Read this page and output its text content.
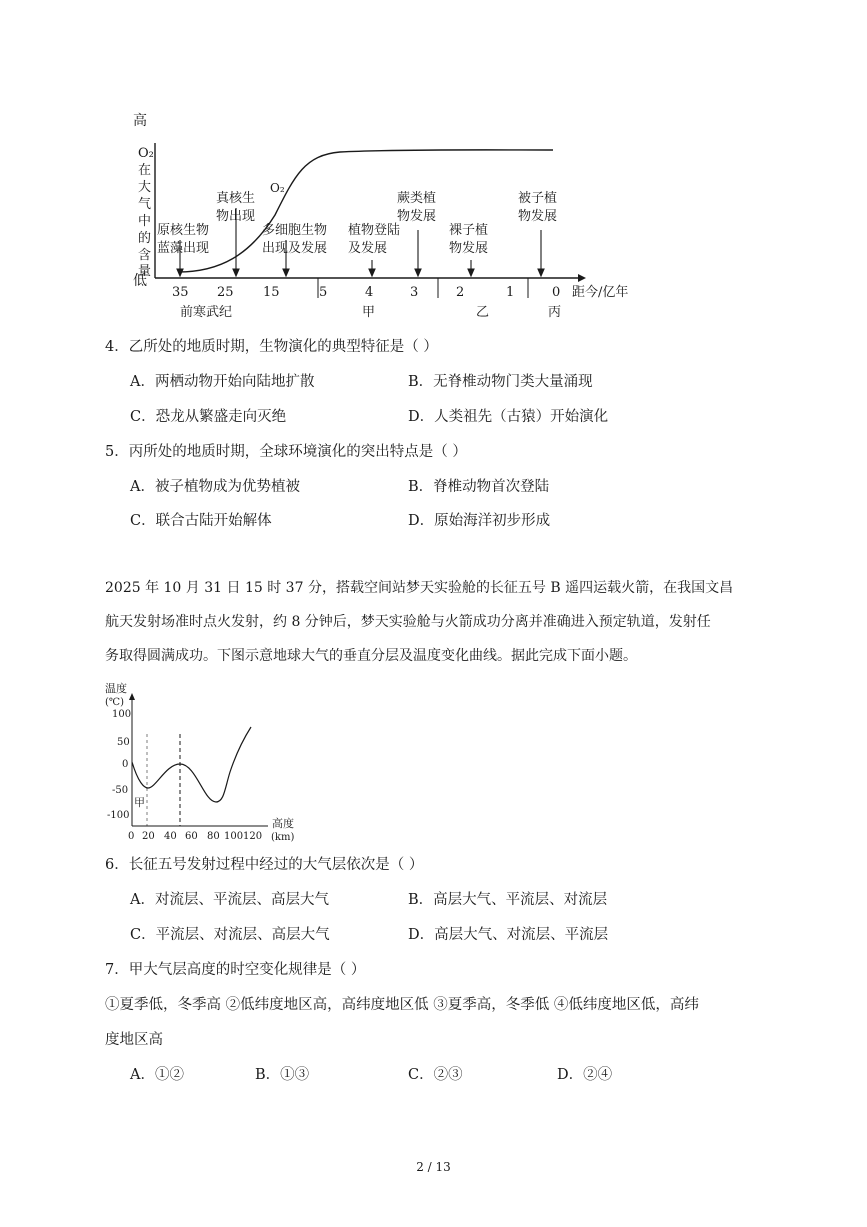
高
低
O₂
在
大
气
中
的
含
量
O₂
35 25 15	5	4	3	2	1	0 距今/亿年
前寒武纪	甲	乙	丙
原核生物
蓝藻出现
真核生
物出现
多细胞生物
出现及发展
植物登陆
及发展
蕨类植
物发展
裸子植
物发展
被子植
物发展
4．乙所处的地质时期，生物演化的典型特征是（ ）
A．两栖动物开始向陆地扩散	B．无脊椎动物门类大量涌现
C．恐龙从繁盛走向灭绝	D．人类祖先（古猿）开始演化
5．丙所处的地质时期，全球环境演化的突出特点是（ ）
A．被子植物成为优势植被	B．脊椎动物首次登陆
C．联合古陆开始解体	D．原始海洋初步形成
2025 年 10 月 31 日 15 时 37 分，搭载空间站梦天实验舱的长征五号 B 遥四运载火箭，在我国文昌
航天发射场准时点火发射，约 8 分钟后，梦天实验舱与火箭成功分离并准确进入预定轨道，发射任
务取得圆满成功。下图示意地球大气的垂直分层及温度变化曲线。据此完成下面小题。
温度
(℃)
100
50
0
-50
-100
甲
0 20 40 60 80 100 120
高度
(km)
6．长征五号发射过程中经过的大气层依次是（ ）
A．对流层、平流层、高层大气	B．高层大气、平流层、对流层
C．平流层、对流层、高层大气	D．高层大气、对流层、平流层
7．甲大气层高度的时空变化规律是（ ）
①夏季低，冬季高 ②低纬度地区高，高纬度地区低 ③夏季高，冬季低 ④低纬度地区低，高纬
度地区高
A．①②	B．①③	C．②③	D．②④
2 / 13
